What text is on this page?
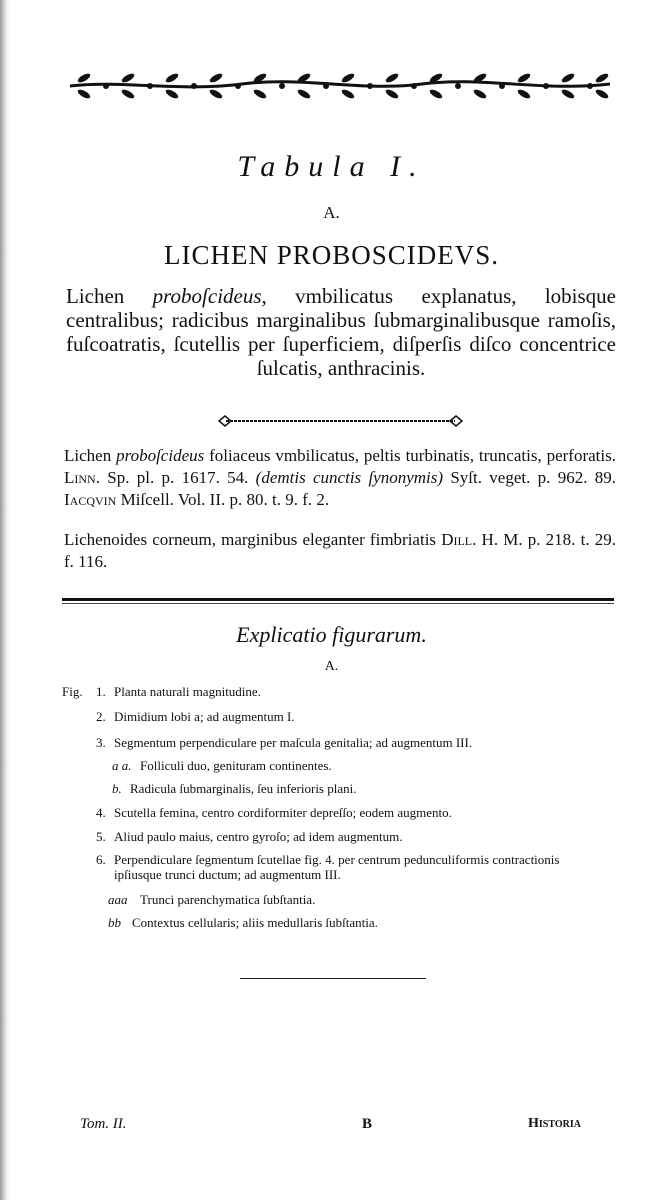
Tabula I.
A.
LICHEN PROBOSCIDEVS.
Lichen proboſcideus, vmbilicatus explanatus, lobisque centralibus; radicibus marginalibus ſubmarginalibusque ramoſis, fuſcoatratis, ſcutellis per ſuperficiem, diſperſis diſco concentrice ſulcatis, anthracinis.
Lichen proboſcideus foliaceus vmbilicatus, peltis turbinatis, truncatis, perforatis. Linn. Sp. pl. p. 1617. 54. (demtis cunctis ſynonymis) Syſt. veget. p. 962. 89. Iacqvin Miſcell. Vol. II. p. 80. t. 9. f. 2.
Lichenoides corneum, marginibus eleganter fimbriatis Dill. H. M. p. 218. t. 29. f. 116.
Explicatio figurarum.
A.
Fig. 1. Planta naturali magnitudine.
2. Dimidium lobi a; ad augmentum I.
3. Segmentum perpendiculare per maſcula genitalia; ad augmentum III.
a a. Folliculi duo, genituram continentes.
b. Radicula ſubmarginalis, ſeu inferioris plani.
4. Scutella femina, centro cordiformiter depreſſo; eodem augmento.
5. Aliud paulo maius, centro gyroſo; ad idem augmentum.
6. Perpendiculare ſegmentum ſcutellae fig. 4. per centrum pedunculiformis contractionis
ipſiusque trunci ductum; ad augmentum III.
aaa Trunci parenchymatica ſubſtantia.
bb Contextus cellularis; aliis medullaris ſubſtantia.
Tom. II.	B	Historia
